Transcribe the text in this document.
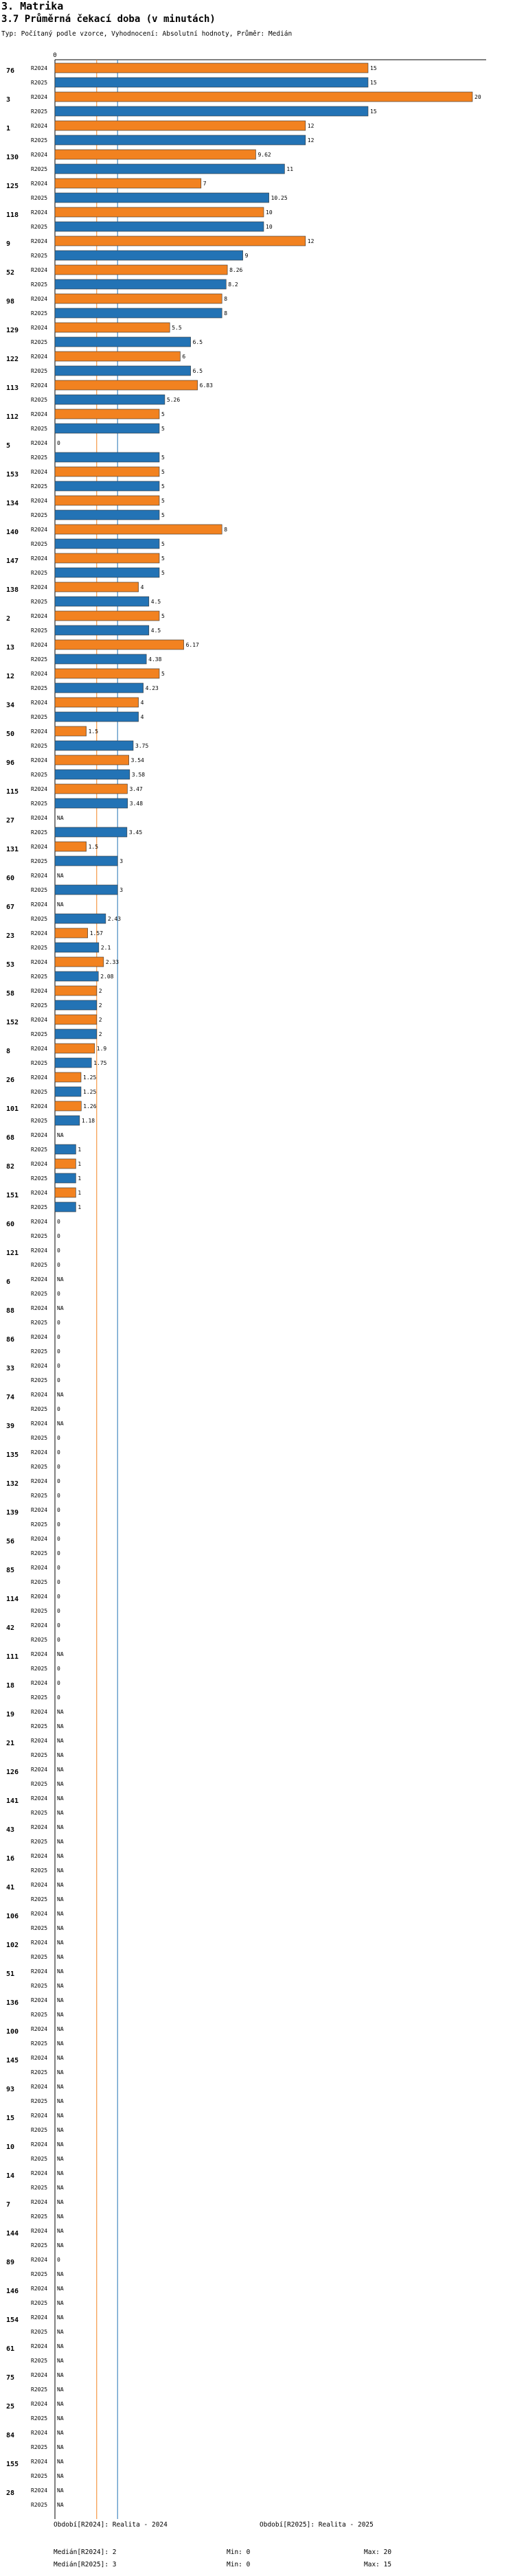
3. Matrika
3.7 Průměrná čekací doba (v minutách)
Typ: Počítaný podle vzorce, Vyhodnocení: Absolutní hodnoty, Průměr: Medián
0
76	R2024	15
R2025	15
3	R2024	20
R2025	15
1	R2024	12
R2025	12
130 R2024	9.62
R2025	11
125 R2024	7
R2025	10.25
118 R2024	10
R2025	10
9	R2024	12
R2025	9
52	R2024	8.26
R2025	8.2
98	R2024	8
R2025	8
129 R2024	5.5
R2025	6.5
122 R2024	6
R2025	6.5
113 R2024	6.83
R2025	5.26
112 R2024	5
R2025	5
5	R2024 0
R2025	5
153 R2024	5
R2025	5
134 R2024	5
R2025	5
140 R2024	8
R2025	5
147 R2024	5
R2025	5
138 R2024	4
R2025	4.5
2	R2024	5
R2025	4.5
13	R2024	6.17
R2025	4.38
12	R2024	5
R2025	4.23
34	R2024	4
R2025	4
50	R2024	1.5
R2025	3.75
96	R2024	3.54
R2025	3.58
115 R2024	3.47
R2025	3.48
27	R2024 NA
R2025	3.45
131 R2024	1.5
R2025	3
60	R2024 NA
R2025	3
67	R2024 NA
R2025	2.43
23	R2024	1.57
R2025	2.1
53	R2024	2.33
R2025	2.08
58	R2024	2
R2025	2
152 R2024	2
R2025	2
8	R2024	1.9
R2025	1.75
26	R2024	1.25
R2025	1.25
101 R2024	1.26
R2025	1.18
68	R2024 NA
R2025	1
82	R2024	1
R2025	1
151 R2024	1
R2025	1
60	R2024 0
R2025 0
121 R2024 0
R2025 0
6	R2024 NA
R2025 0
88	R2024 NA
R2025 0
86	R2024 0
R2025 0
33	R2024 0
R2025 0
74	R2024 NA
R2025 0
39	R2024 NA
R2025 0
135 R2024 0
R2025 0
132 R2024 0
R2025 0
139 R2024 0
R2025 0
56	R2024 0
R2025 0
85	R2024 0
R2025 0
114 R2024 0
R2025 0
42	R2024 0
R2025 0
111 R2024 NA
R2025 0
18	R2024 0
R2025 0
19	R2024 NA
R2025 NA
21	R2024 NA
R2025 NA
126 R2024 NA
R2025 NA
141 R2024 NA
R2025 NA
43	R2024 NA
R2025 NA
16	R2024 NA
R2025 NA
41	R2024 NA
R2025 NA
106 R2024 NA
R2025 NA
102 R2024 NA
R2025 NA
51	R2024 NA
R2025 NA
136 R2024 NA
R2025 NA
100 R2024 NA
R2025 NA
145 R2024 NA
R2025 NA
93	R2024 NA
R2025 NA
15	R2024 NA
R2025 NA
10	R2024 NA
R2025 NA
14	R2024 NA
R2025 NA
7	R2024 NA
R2025 NA
144 R2024 NA
R2025 NA
89	R2024 0
R2025 NA
146 R2024 NA
R2025 NA
154 R2024 NA
R2025 NA
61	R2024 NA
R2025 NA
75	R2024 NA
R2025 NA
25	R2024 NA
R2025 NA
84	R2024 NA
R2025 NA
155 R2024 NA
R2025 NA
28	R2024 NA
R2025 NA
Období[R2024]: Realita - 2024	Období[R2025]: Realita - 2025
Medián[R2024]: 2	Min: 0	Max: 20
Medián[R2025]: 3	Min: 0	Max: 15
